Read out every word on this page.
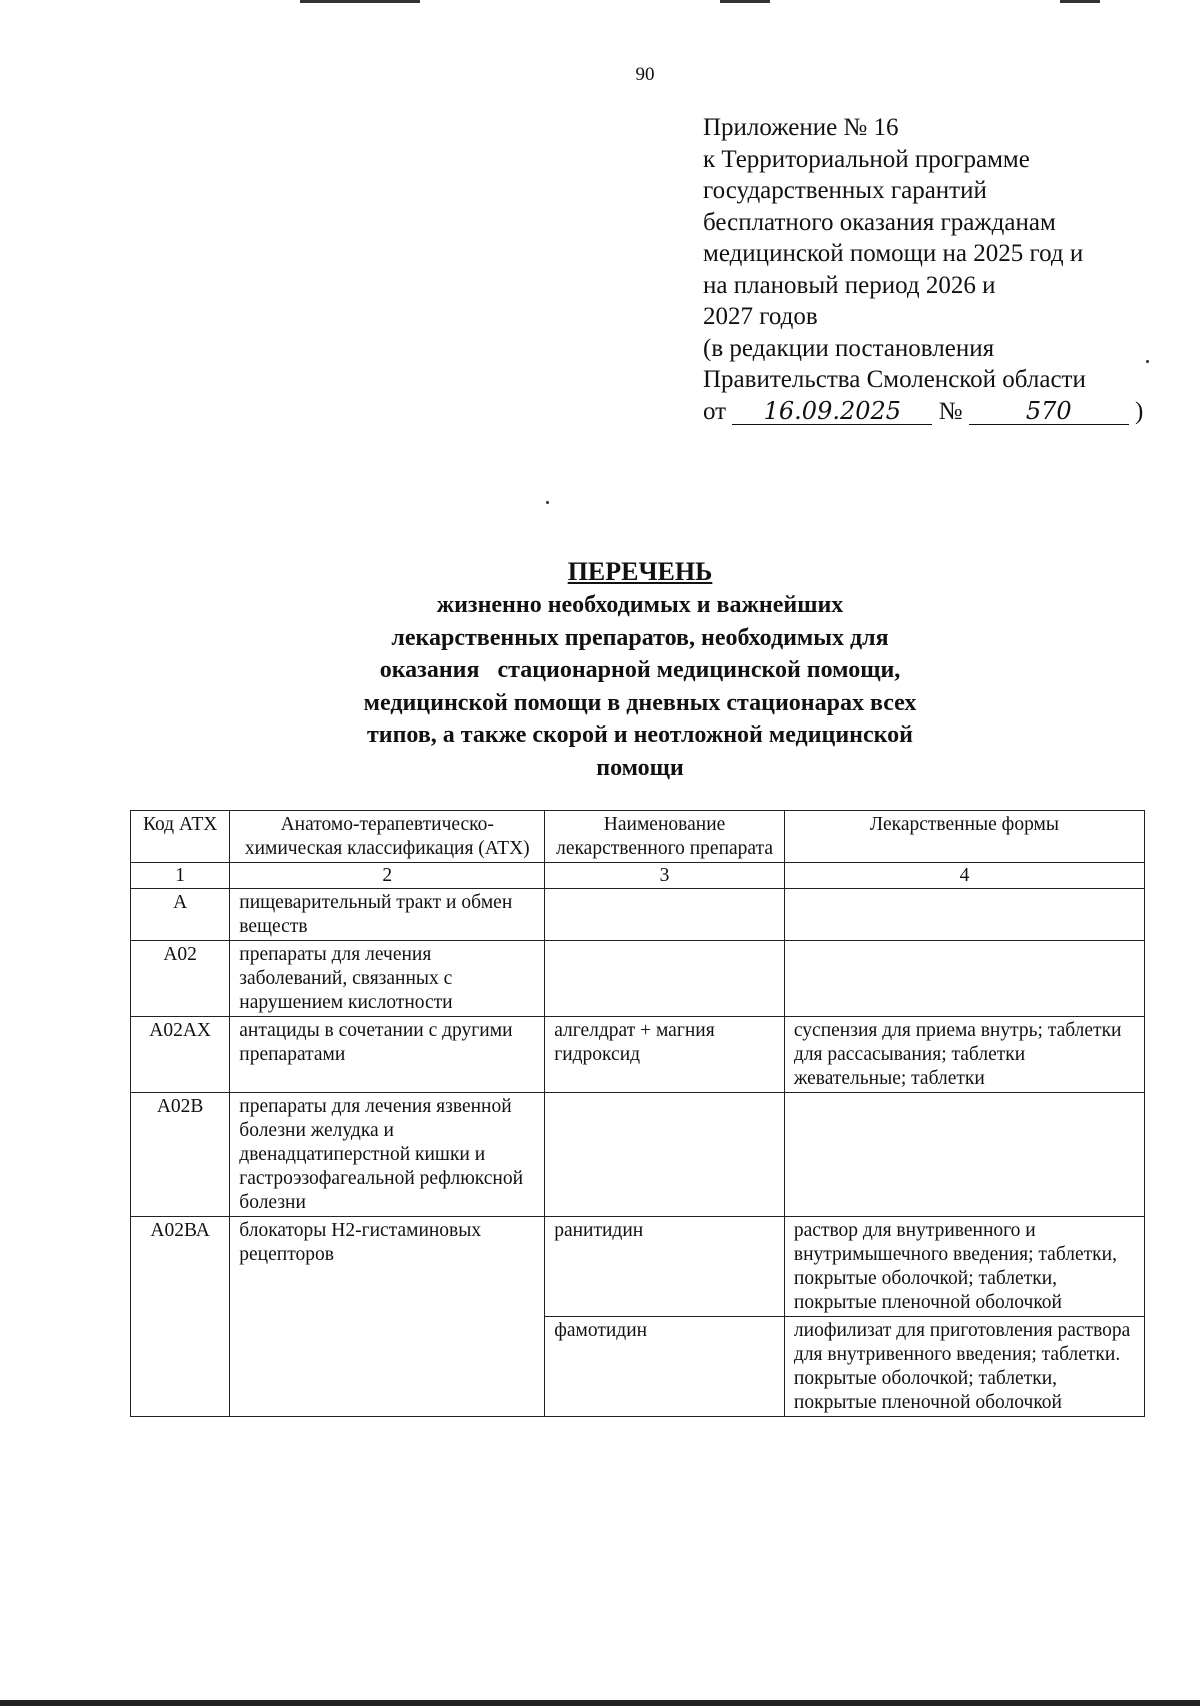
90
Приложение № 16
к Территориальной программе
государственных гарантий
бесплатного оказания гражданам
медицинской помощи на 2025 год и
на плановый период 2026 и
2027 годов
(в редакции постановления
Правительства Смоленской области
от 16.09.2025 №	570	)
ПЕРЕЧЕНЬ
жизненно необходимых и важнейших
лекарственных препаратов, необходимых для
оказания   стационарной медицинской помощи,
медицинской помощи в дневных стационарах всех
типов, а также скорой и неотложной медицинской
помощи
Код АТХ	Анатомо-терапевтическо-химическая классификация (АТХ)	Наименование лекарственного препарата	Лекарственные формы
1	2	3	4
А	пищеварительный тракт и обмен веществ		
А02	препараты для лечения заболеваний, связанных с нарушением кислотности		
А02АХ	антациды в сочетании с другими препаратами	алгелдрат + магния гидроксид	суспензия для приема внутрь; таблетки для рассасывания; таблетки жевательные; таблетки
А02В	препараты для лечения язвенной болезни желудка и двенадцатиперстной кишки и гастроэзофагеальной рефлюксной болезни		
А02ВА	блокаторы Н2-гистаминовых рецепторов	ранитидин	раствор для внутривенного и внутримышечного введения; таблетки, покрытые оболочкой; таблетки, покрытые пленочной оболочкой
		фамотидин	лиофилизат для приготовления раствора для внутривенного введения; таблетки. покрытые оболочкой; таблетки, покрытые пленочной оболочкой
